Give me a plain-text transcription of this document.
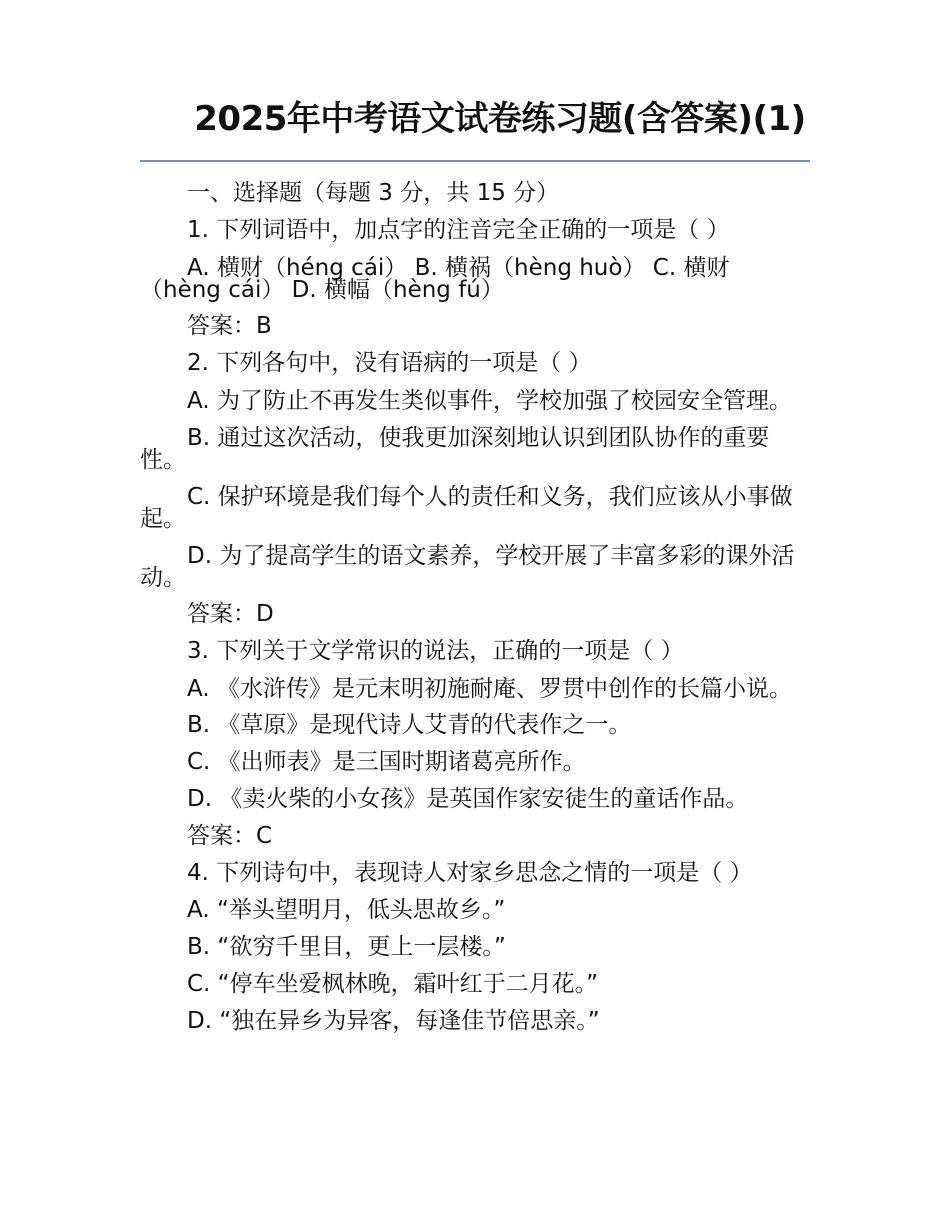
2025年中考语文试卷练习题(含答案)(1)

一、选择题（每题 3 分，共 15 分）

1. 下列词语中，加点字的注音完全正确的一项是（ ）

A. 横财（héng cái） B. 横祸（hèng huò） C. 横财（hèng cái） D. 横幅（hèng fú）

答案：B

2. 下列各句中，没有语病的一项是（ ）

A. 为了防止不再发生类似事件，学校加强了校园安全管理。

B. 通过这次活动，使我更加深刻地认识到团队协作的重要性。

C. 保护环境是我们每个人的责任和义务，我们应该从小事做起。

D. 为了提高学生的语文素养，学校开展了丰富多彩的课外活动。

答案：D

3. 下列关于文学常识的说法，正确的一项是（ ）

A. 《水浒传》是元末明初施耐庵、罗贯中创作的长篇小说。

B. 《草原》是现代诗人艾青的代表作之一。

C. 《出师表》是三国时期诸葛亮所作。

D. 《卖火柴的小女孩》是英国作家安徒生的童话作品。

答案：C

4. 下列诗句中，表现诗人对家乡思念之情的一项是（ ）

A. “举头望明月，低头思故乡。”

B. “欲穷千里目，更上一层楼。”

C. “停车坐爱枫林晚，霜叶红于二月花。”

D. “独在异乡为异客，每逢佳节倍思亲。”
